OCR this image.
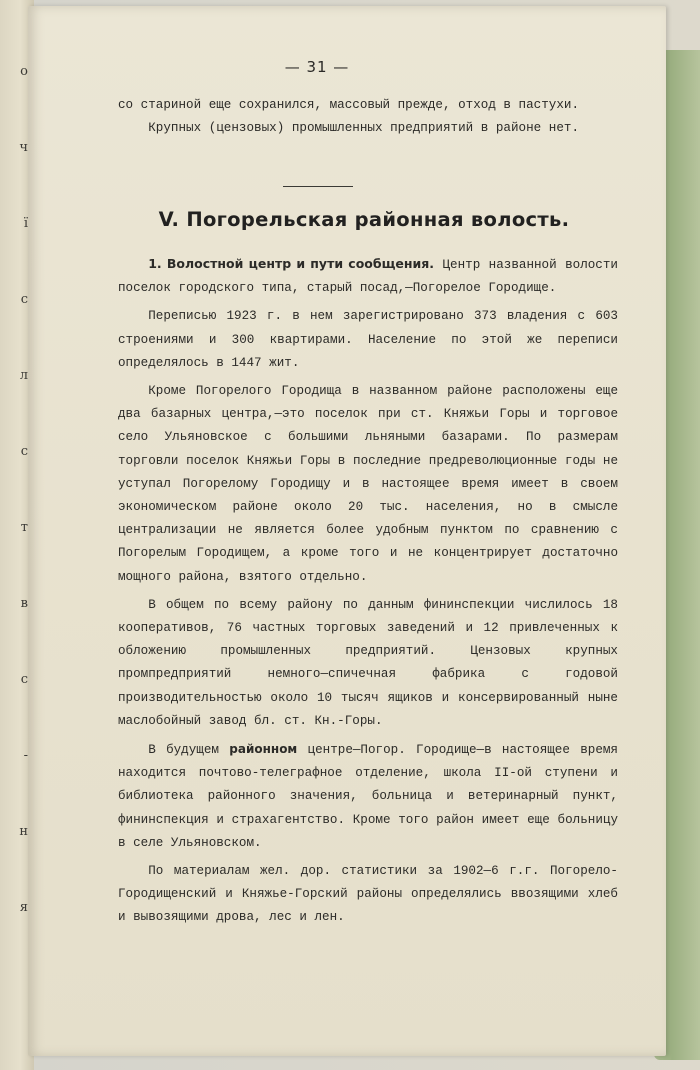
о
ч
ї
с
л
с
т
в
с
-
н
я
— 31 —

со стариной еще сохранился, массовый прежде, отход в пастухи.

Крупных (цензовых) промышленных предприятий в районе нет.

V. Погорельская районная волость.

1. Волостной центр и пути сообщения. Центр названной волости поселок городского типа, старый посад,—Погорелое Городище.

Переписью 1923 г. в нем зарегистрировано 373 владения с 603 строениями и 300 квартирами. Население по этой же переписи определялось в 1447 жит.

Кроме Погорелого Городища в названном районе расположены еще два базарных центра,—это поселок при ст. Княжьи Горы и торговое село Ульяновское с большими льняными базарами. По размерам торговли поселок Княжьи Горы в последние предреволюционные годы не уступал Погорелому Городищу и в настоящее время имеет в своем экономическом районе около 20 тыс. населения, но в смысле централизации не является более удобным пунктом по сравнению с Погорелым Городищем, а кроме того и не концентрирует достаточно мощного района, взятого отдельно.

В общем по всему району по данным фининспекции числилось 18 кооперативов, 76 частных торговых заведений и 12 привлеченных к обложению промышленных предприятий. Цензовых крупных промпредприятий немного—спичечная фабрика с годовой производительностью около 10 тысяч ящиков и консервированный ныне маслобойный завод бл. ст. Кн.-Горы.

В будущем районном центре—Погор. Городище—в настоящее время находится почтово-телеграфное отделение, школа II-ой ступени и библиотека районного значения, больница и ветеринарный пункт, фининспекция и страхагентство. Кроме того район имеет еще больницу в селе Ульяновском.

По материалам жел. дор. статистики за 1902—6 г.г. Погорело-Городищенский и Княжье-Горский районы определялись ввозящими хлеб и вывозящими дрова, лес и лен.
